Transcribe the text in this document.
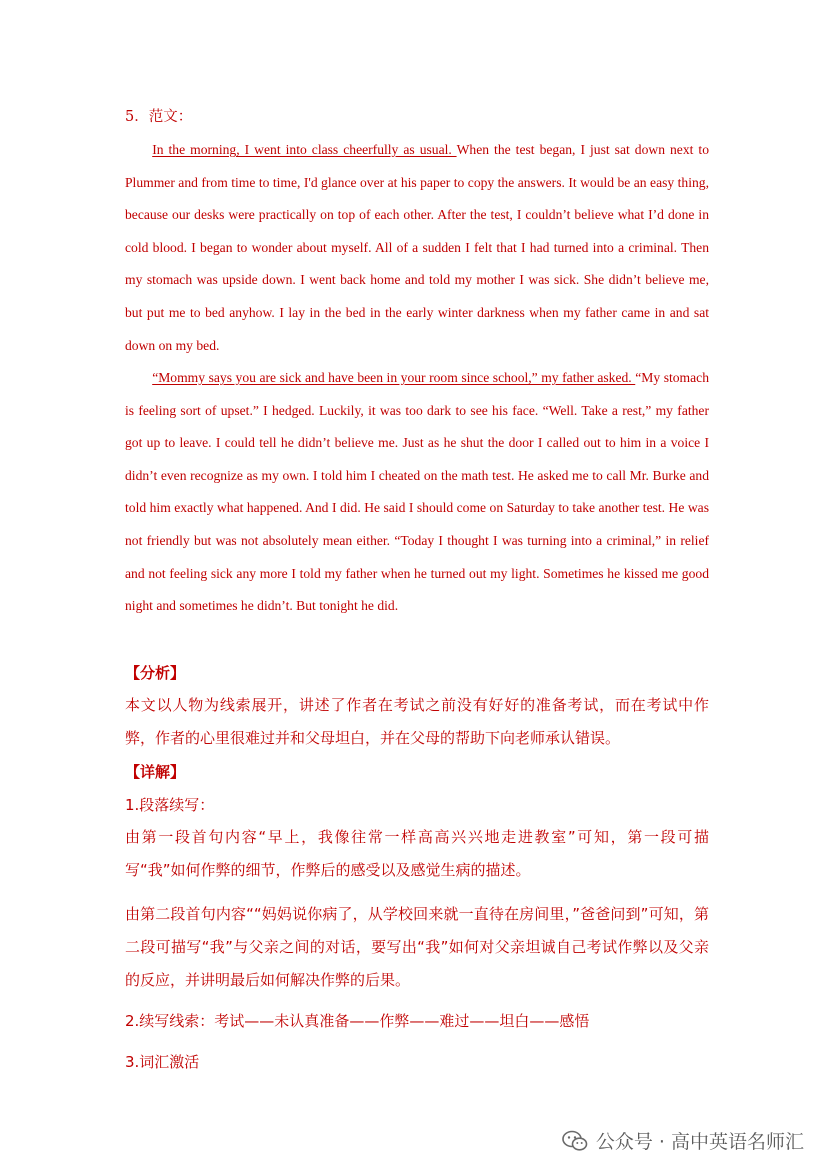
5．范文：

In the morning, I went into class cheerfully as usual. When the test began, I just sat down next to Plummer and from time to time, I'd glance over at his paper to copy the answers. It would be an easy thing, because our desks were practically on top of each other. After the test, I couldn’t believe what I’d done in cold blood. I began to wonder about myself. All of a sudden I felt that I had turned into a criminal. Then my stomach was upside down. I went back home and told my mother I was sick. She didn’t believe me, but put me to bed anyhow. I lay in the bed in the early winter darkness when my father came in and sat down on my bed.

“Mommy says you are sick and have been in your room since school,” my father asked. “My stomach is feeling sort of upset.” I hedged. Luckily, it was too dark to see his face. “Well. Take a rest,” my father got up to leave. I could tell he didn’t believe me. Just as he shut the door I called out to him in a voice I didn’t even recognize as my own. I told him I cheated on the math test. He asked me to call Mr. Burke and told him exactly what happened. And I did. He said I should come on Saturday to take another test. He was not friendly but was not absolutely mean either. “Today I thought I was turning into a criminal,” in relief and not feeling sick any more I told my father when he turned out my light. Sometimes he kissed me good night and sometimes he didn’t. But tonight he did.

【分析】

本文以人物为线索展开，讲述了作者在考试之前没有好好的准备考试，而在考试中作弊，作者的心里很难过并和父母坦白，并在父母的帮助下向老师承认错误。

【详解】

1.段落续写：

由第一段首句内容“早上，我像往常一样高高兴兴地走进教室”可知，第一段可描写“我”如何作弊的细节，作弊后的感受以及感觉生病的描述。

由第二段首句内容““妈妈说你病了，从学校回来就一直待在房间里，”爸爸问到”可知，第二段可描写“我”与父亲之间的对话，要写出“我”如何对父亲坦诚自己考试作弊以及父亲的反应，并讲明最后如何解决作弊的后果。

2.续写线索：考试——未认真准备——作弊——难过——坦白——感悟

3.词汇激活

公众号 · 高中英语名师汇
